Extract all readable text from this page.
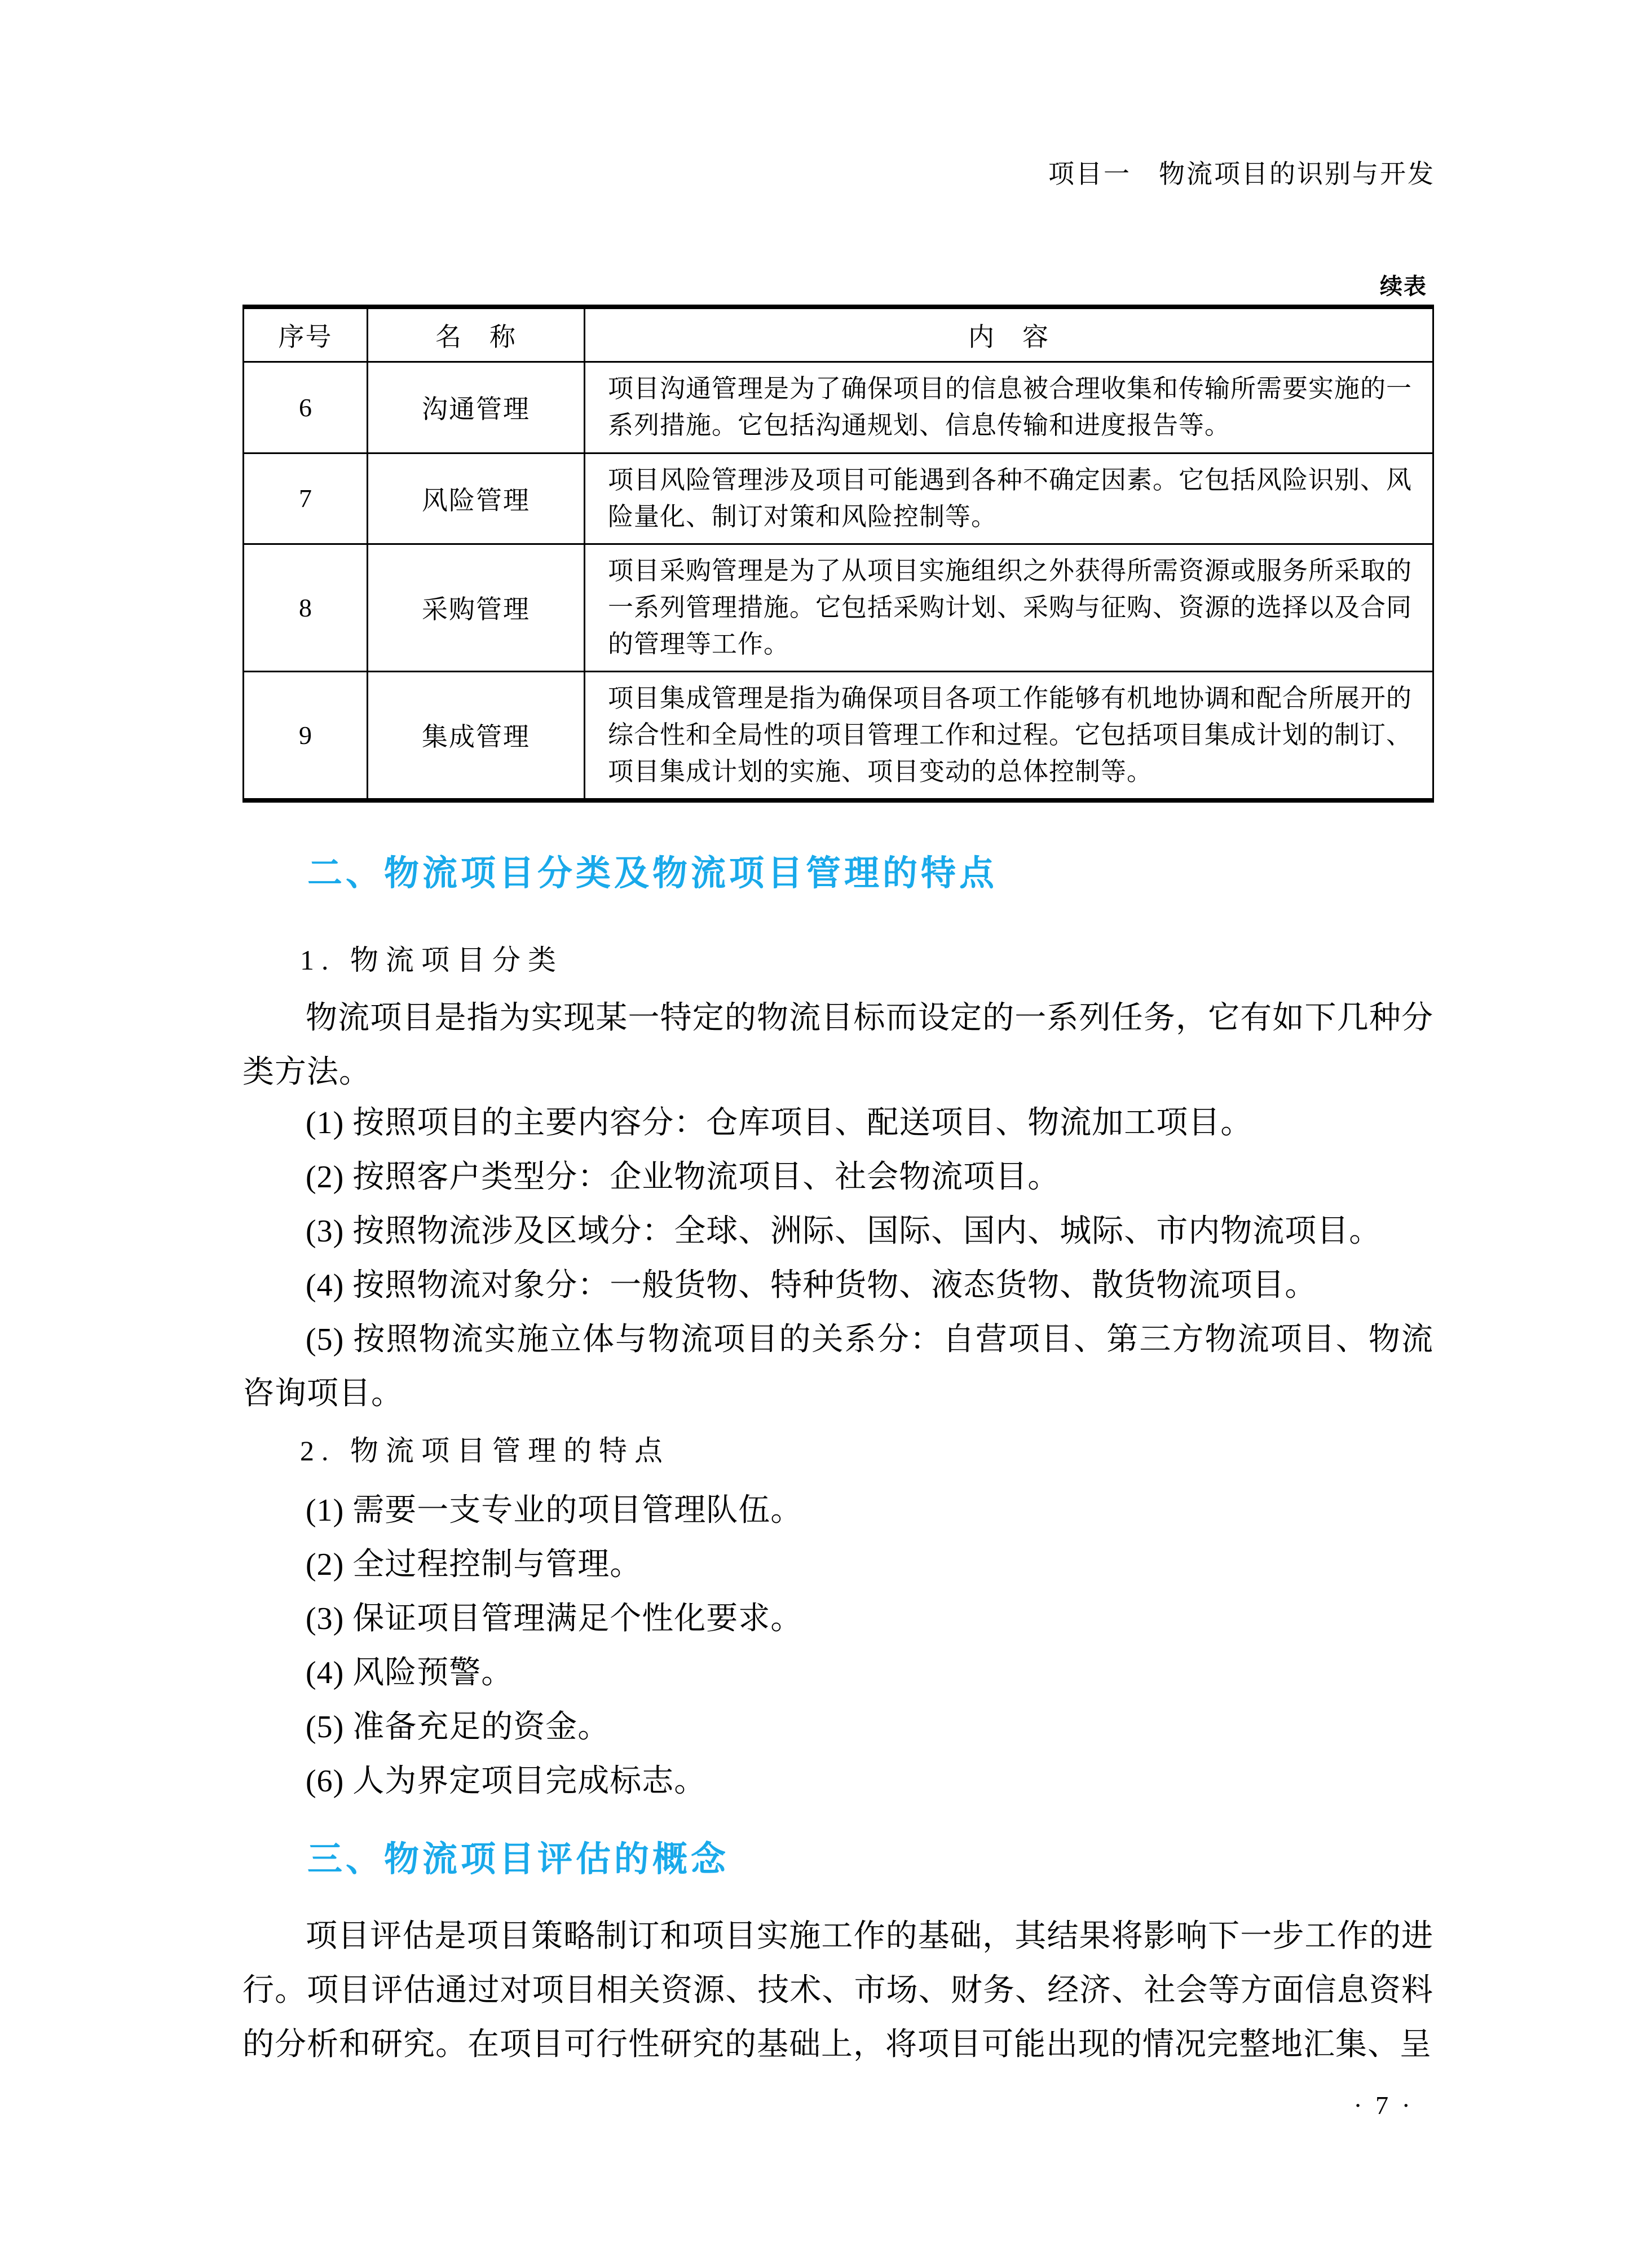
项目一　物流项目的识别与开发
续表
序号	名　称	内　容
6	沟通管理	项目沟通管理是为了确保项目的信息被合理收集和传输所需要实施的一系列措施。它包括沟通规划、信息传输和进度报告等。
7	风险管理	项目风险管理涉及项目可能遇到各种不确定因素。它包括风险识别、风险量化、制订对策和风险控制等。
8	采购管理	项目采购管理是为了从项目实施组织之外获得所需资源或服务所采取的一系列管理措施。它包括采购计划、采购与征购、资源的选择以及合同的管理等工作。
9	集成管理	项目集成管理是指为确保项目各项工作能够有机地协调和配合所展开的综合性和全局性的项目管理工作和过程。它包括项目集成计划的制订、项目集成计划的实施、项目变动的总体控制等。
二、物流项目分类及物流项目管理的特点
1. 物流项目分类

物流项目是指为实现某一特定的物流目标而设定的一系列任务，它有如下几种分类方法。

(1) 按照项目的主要内容分：仓库项目、配送项目、物流加工项目。

(2) 按照客户类型分：企业物流项目、社会物流项目。

(3) 按照物流涉及区域分：全球、洲际、国际、国内、城际、市内物流项目。

(4) 按照物流对象分：一般货物、特种货物、液态货物、散货物流项目。

(5) 按照物流实施立体与物流项目的关系分：自营项目、第三方物流项目、物流咨询项目。

2. 物流项目管理的特点

(1) 需要一支专业的项目管理队伍。

(2) 全过程控制与管理。

(3) 保证项目管理满足个性化要求。

(4) 风险预警。

(5) 准备充足的资金。

(6) 人为界定项目完成标志。

三、物流项目评估的概念

项目评估是项目策略制订和项目实施工作的基础，其结果将影响下一步工作的进行。项目评估通过对项目相关资源、技术、市场、财务、经济、社会等方面信息资料的分析和研究。在项目可行性研究的基础上，将项目可能出现的情况完整地汇集、呈

· 7 ·
